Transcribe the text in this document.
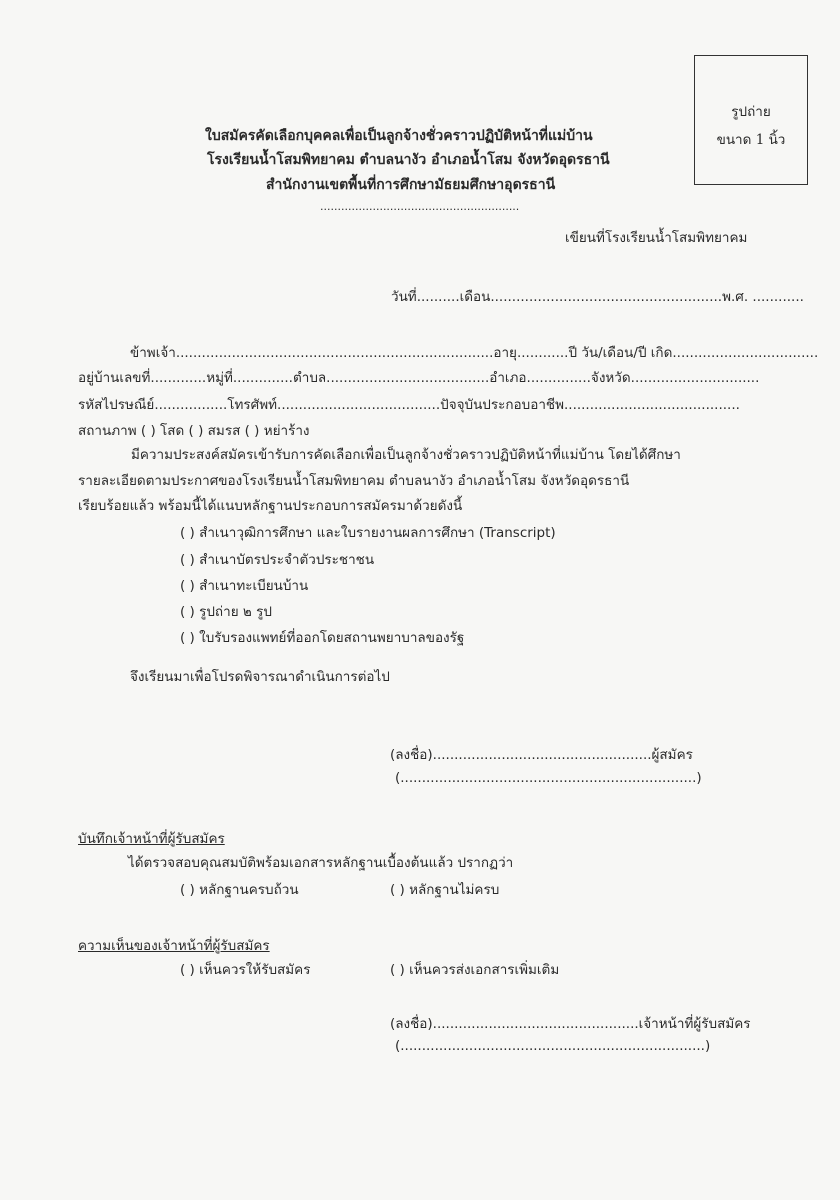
รูปถ่าย
ขนาด 1 นิ้ว
ใบสมัครคัดเลือกบุคคลเพื่อเป็นลูกจ้างชั่วคราวปฏิบัติหน้าที่แม่บ้าน
โรงเรียนน้ำโสมพิทยาคม ตำบลนางัว อำเภอน้ำโสม จังหวัดอุดรธานี
สำนักงานเขตพื้นที่การศึกษามัธยมศึกษาอุดรธานี
.........................................................
เขียนที่โรงเรียนน้ำโสมพิทยาคม
วันที่..........เดือน......................................................พ.ศ. ............
ข้าพเจ้า..........................................................................อายุ............ปี วัน/เดือน/ปี เกิด..................................
อยู่บ้านเลขที่.............หมู่ที่..............ตำบล......................................อำเภอ...............จังหวัด..............................
รหัสไปรษณีย์.................โทรศัพท์......................................ปัจจุบันประกอบอาชีพ.........................................
สถานภาพ ( ) โสด ( ) สมรส ( ) หย่าร้าง
มีความประสงค์สมัครเข้ารับการคัดเลือกเพื่อเป็นลูกจ้างชั่วคราวปฏิบัติหน้าที่แม่บ้าน โดยได้ศึกษา
รายละเอียดตามประกาศของโรงเรียนน้ำโสมพิทยาคม ตำบลนางัว อำเภอน้ำโสม จังหวัดอุดรธานี
เรียบร้อยแล้ว พร้อมนี้ได้แนบหลักฐานประกอบการสมัครมาด้วยดังนี้
( ) สำเนาวุฒิการศึกษา และใบรายงานผลการศึกษา (Transcript)
( ) สำเนาบัตรประจำตัวประชาชน
( ) สำเนาทะเบียนบ้าน
( ) รูปถ่าย ๒ รูป
( ) ใบรับรองแพทย์ที่ออกโดยสถานพยาบาลของรัฐ
จึงเรียนมาเพื่อโปรดพิจารณาดำเนินการต่อไป
(ลงชื่อ)...................................................ผู้สมัคร
(.....................................................................)
บันทึกเจ้าหน้าที่ผู้รับสมัคร
ได้ตรวจสอบคุณสมบัติพร้อมเอกสารหลักฐานเบื้องต้นแล้ว ปรากฏว่า
( ) หลักฐานครบถ้วน	( ) หลักฐานไม่ครบ
ความเห็นของเจ้าหน้าที่ผู้รับสมัคร
( ) เห็นควรให้รับสมัคร	( ) เห็นควรส่งเอกสารเพิ่มเติม
(ลงชื่อ)................................................เจ้าหน้าที่ผู้รับสมัคร
(.......................................................................)
